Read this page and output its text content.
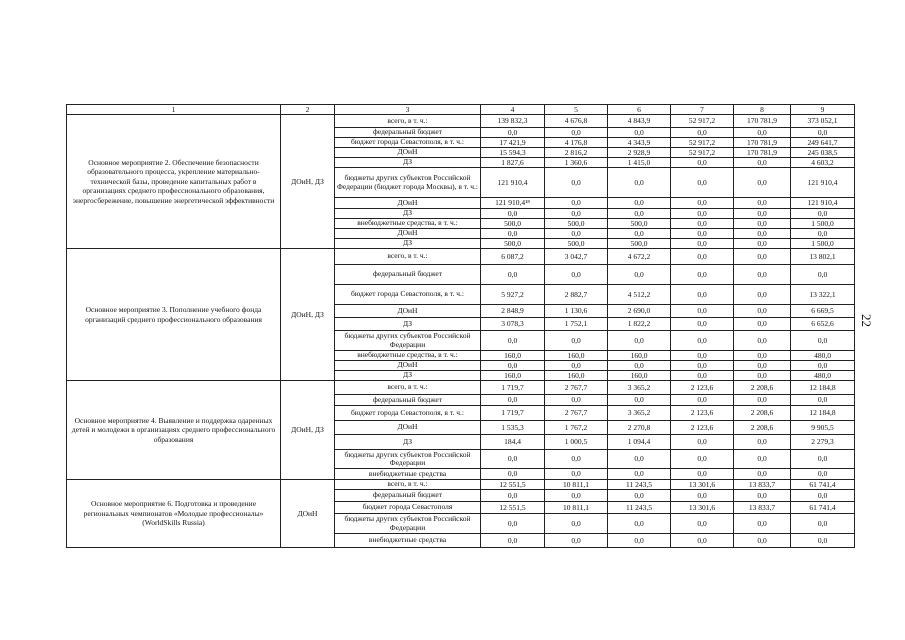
1	2	3	4	5	6	7	8	9
Основное мероприятие 2. Обеспечение безопасности образовательного процесса, укрепление материально-технической базы, проведение капитальных работ в организациях среднего профессионального образования, энергосбережение, повышение энергетической эффективности	ДОиН, ДЗ	всего, в т. ч.:	139 832,3	4 676,8	4 843,9	52 917,2	170 781,9	373 052,1
		федеральный бюджет	0,0	0,0	0,0	0,0	0,0	0,0
		бюджет города Севастополя, в т. ч.:	17 421,9	4 176,8	4 343,9	52 917,2	170 781,9	249 641,7
		ДОиН	15 594,3	2 816,2	2 928,9	52 917,2	170 781,9	245 038,5
		ДЗ	1 827,6	1 360,6	1 415,0	0,0	0,0	4 603,2
		бюджеты других субъектов Российской Федерации (бюджет города Москвы), в т. ч.:	121 910,4	0,0	0,0	0,0	0,0	121 910,4
		ДОиН	121 910,4¹⁸	0,0	0,0	0,0	0,0	121 910,4
		ДЗ	0,0	0,0	0,0	0,0	0,0	0,0
		внебюджетные средства, в т. ч.:	500,0	500,0	500,0	0,0	0,0	1 500,0
		ДОиН	0,0	0,0	0,0	0,0	0,0	0,0
		ДЗ	500,0	500,0	500,0	0,0	0,0	1 500,0
Основное мероприятие 3. Пополнение учебного фонда организаций среднего профессионального образования	ДОиН, ДЗ	всего, в т. ч.:	6 087,2	3 042,7	4 672,2	0,0	0,0	13 802,1
		федеральный бюджет	0,0	0,0	0,0	0,0	0,0	0,0
		бюджет города Севастополя, в т. ч.:	5 927,2	2 882,7	4 512,2	0,0	0,0	13 322,1
		ДОиН	2 848,9	1 130,6	2 690,0	0,0	0,0	6 669,5
		ДЗ	3 078,3	1 752,1	1 822,2	0,0	0,0	6 652,6
		бюджеты других субъектов Российской Федерации	0,0	0,0	0,0	0,0	0,0	0,0
		внебюджетные средства, в т. ч.:	160,0	160,0	160,0	0,0	0,0	480,0
		ДОиН	0,0	0,0	0,0	0,0	0,0	0,0
		ДЗ	160,0	160,0	160,0	0,0	0,0	480,0
Основное мероприятие 4. Выявление и поддержка одаренных детей и молодежи в организациях среднего профессионального образования	ДОиН, ДЗ	всего, в т. ч.:	1 719,7	2 767,7	3 365,2	2 123,6	2 208,6	12 184,8
		федеральный бюджет	0,0	0,0	0,0	0,0	0,0	0,0
		бюджет города Севастополя, в т. ч.:	1 719,7	2 767,7	3 365,2	2 123,6	2 208,6	12 184,8
		ДОиН	1 535,3	1 767,2	2 270,8	2 123,6	2 208,6	9 905,5
		ДЗ	184,4	1 000,5	1 094,4	0,0	0,0	2 279,3
		бюджеты других субъектов Российской Федерации	0,0	0,0	0,0	0,0	0,0	0,0
		внебюджетные средства	0,0	0,0	0,0	0,0	0,0	0,0
Основное мероприятие 6. Подготовка и проведение региональных чемпионатов «Молодые профессионалы» (WorldSkills Russia)	ДОиН	всего, в т. ч.:	12 551,5	10 811,1	11 243,5	13 301,6	13 833,7	61 741,4
		федеральный бюджет	0,0	0,0	0,0	0,0	0,0	0,0
		бюджет города Севастополя	12 551,5	10 811,1	11 243,5	13 301,6	13 833,7	61 741,4
		бюджеты других субъектов Российской Федерации	0,0	0,0	0,0	0,0	0,0	0,0
		внебюджетные средства	0,0	0,0	0,0	0,0	0,0	0,0
22
